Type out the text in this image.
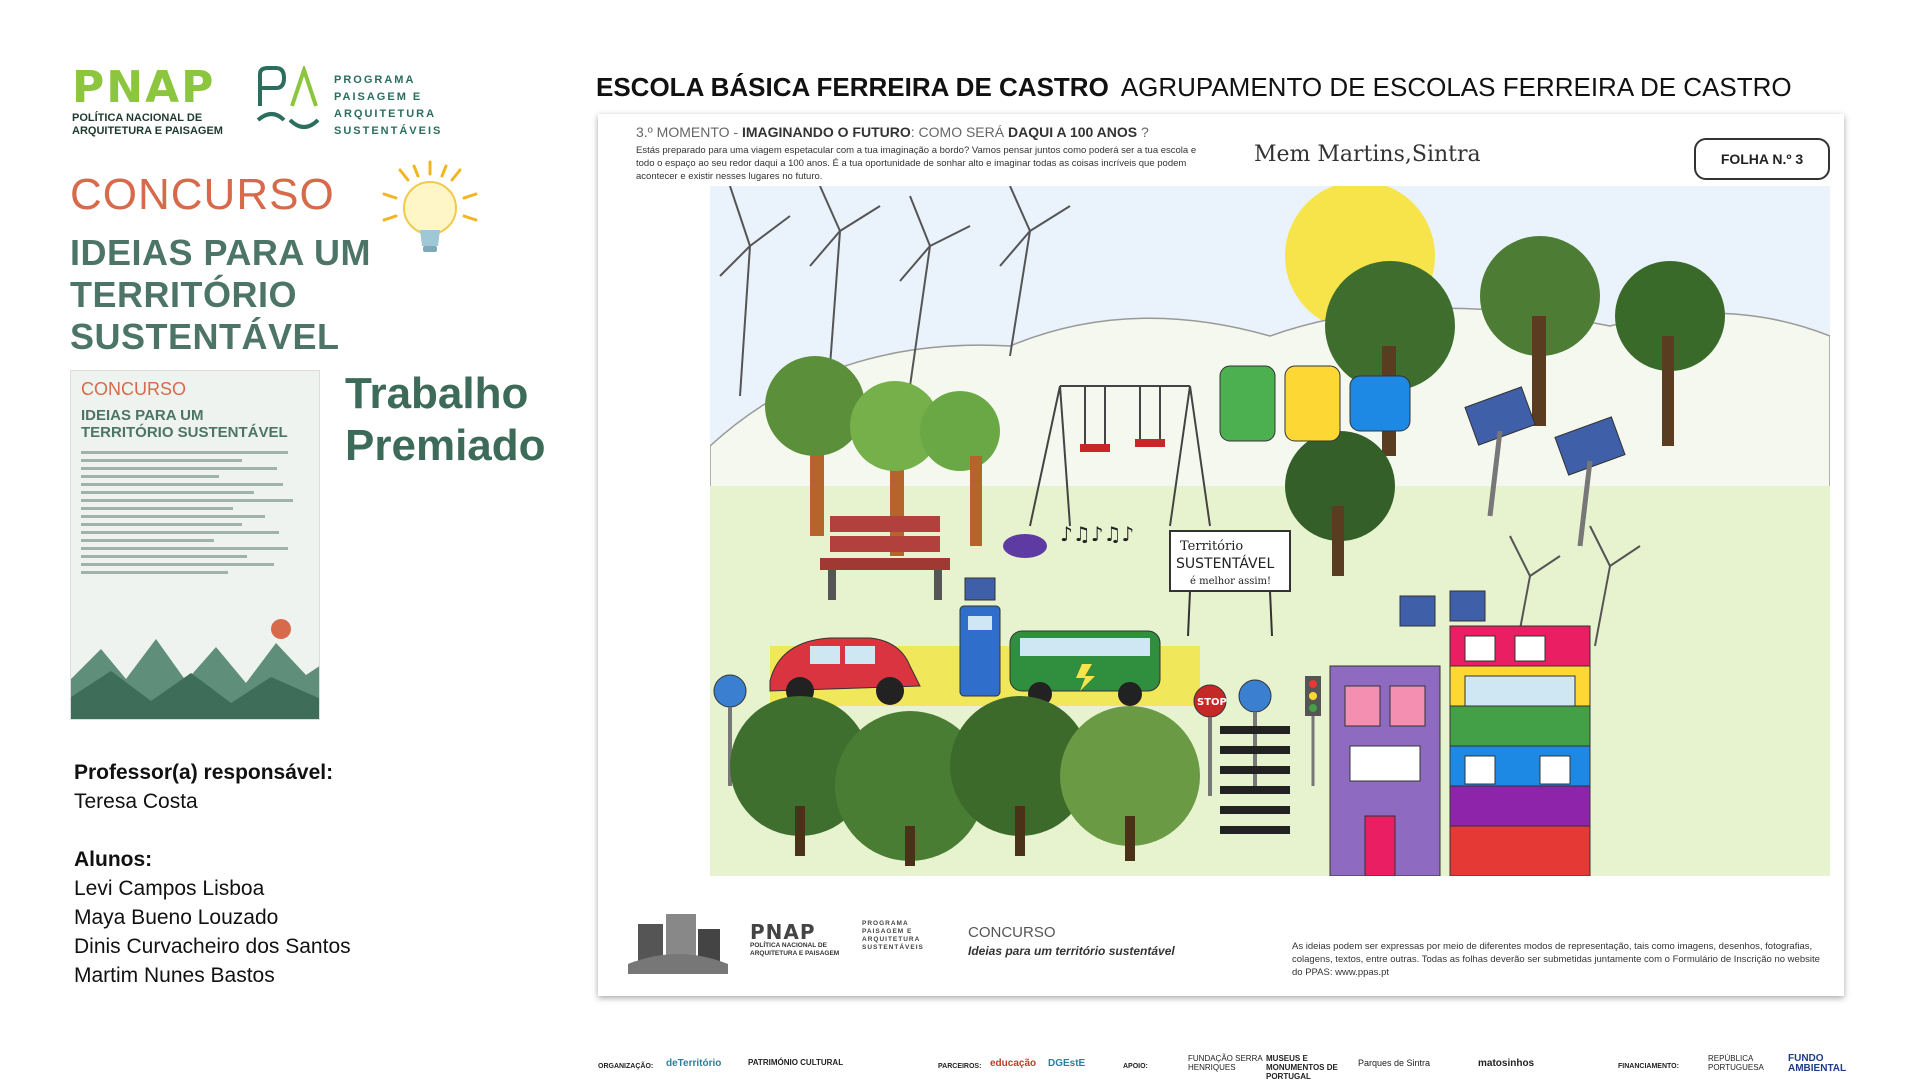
PNAP
POLÍTICA NACIONAL DE
ARQUITETURA E PAISAGEM
PROGRAMA
PAISAGEM E
ARQUITETURA
SUSTENTÁVEIS
CONCURSO
IDEIAS PARA UM
TERRITÓRIO
SUSTENTÁVEL
CONCURSO
IDEIAS PARA UM
TERRITÓRIO SUSTENTÁVEL
Trabalho
Premiado
Professor(a) responsável:
Teresa Costa
Alunos:
Levi Campos Lisboa
Maya Bueno Louzado
Dinis Curvacheiro dos Santos
Martim Nunes Bastos
ESCOLA BÁSICA FERREIRA DE CASTRO AGRUPAMENTO DE ESCOLAS FERREIRA DE CASTRO
3.º MOMENTO - IMAGINANDO O FUTURO: COMO SERÁ DAQUI A 100 ANOS ?
Estás preparado para uma viagem espetacular com a tua imaginação a bordo? Vamos pensar juntos como poderá ser a tua escola e todo o espaço ao seu redor daqui a 100 anos. É a tua oportunidade de sonhar alto e imaginar todas as coisas incríveis que podem acontecer e existir nesses lugares no futuro.
Mem Martins,Sintra	FOLHA N.º 3
♪♫♪♫♪
Território
SUSTENTÁVEL
é melhor assim!
STOP
PNAP
POLÍTICA NACIONAL DE
ARQUITETURA E PAISAGEM
PROGRAMA
PAISAGEM E
ARQUITETURA
SUSTENTÁVEIS
CONCURSO
Ideias para um território sustentável	As ideias podem ser expressas por meio de diferentes modos de representação, tais como imagens, desenhos, fotografias, colagens, textos, entre outras. Todas as folhas deverão ser submetidas juntamente com o Formulário de Inscrição no website do PPAS: www.ppas.pt
ORGANIZAÇÃO: deTerritório	PATRIMÓNIO CULTURAL	PARCEIROS: educação DGEstE	APOIO:
FUNDAÇÃO SERRA HENRIQUES
MUSEUS E MONUMENTOS DE PORTUGAL
Parques de Sintra	matosinhos	FINANCIAMENTO:
REPÚBLICA PORTUGUESA
FUNDO AMBIENTAL
